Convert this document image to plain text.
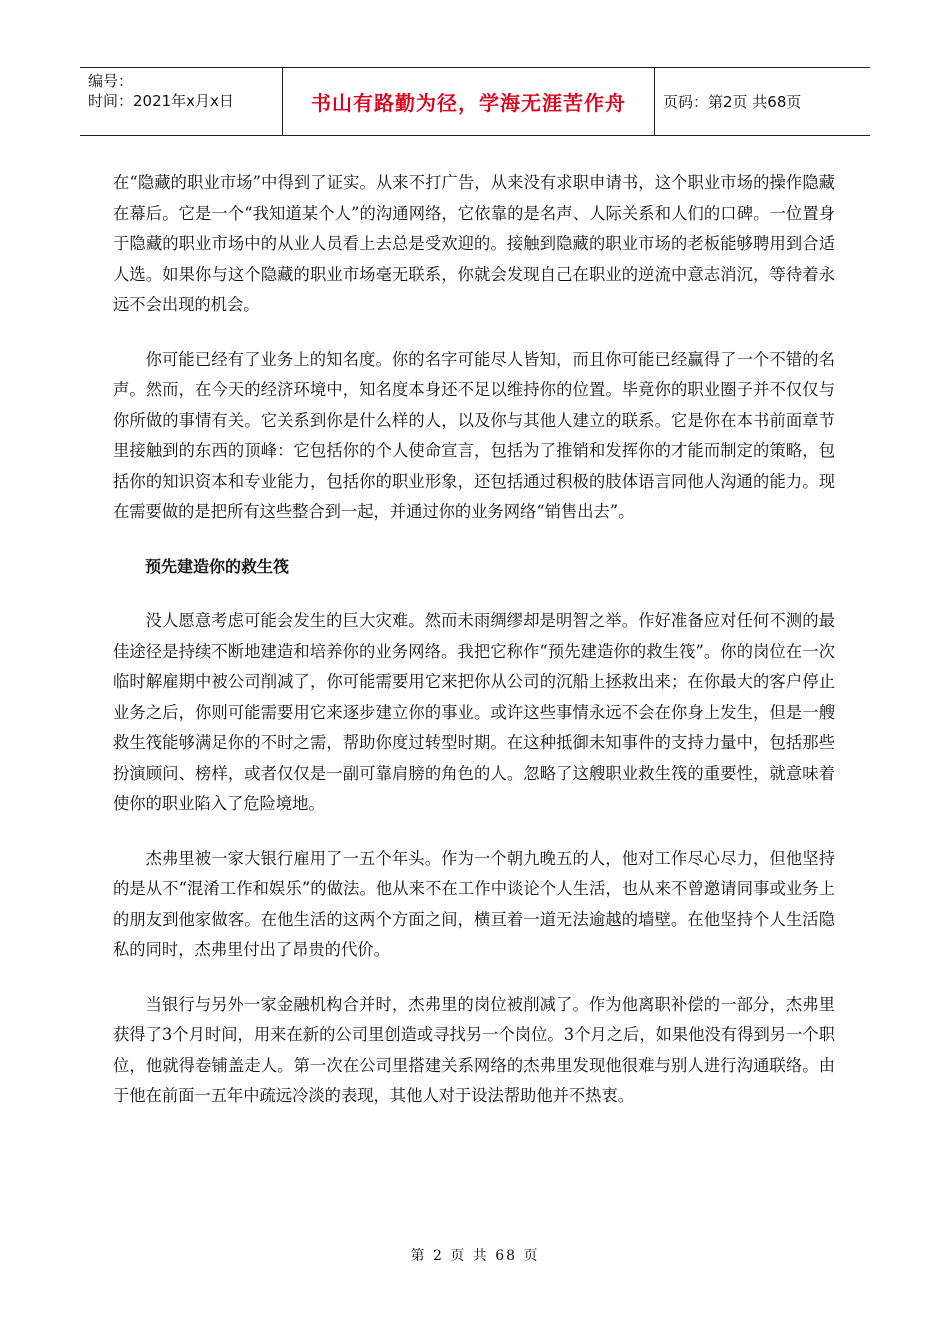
编号：
时间：2021年x月x日	书山有路勤为径，学海无涯苦作舟	页码：第2页 共68页

在“隐藏的职业市场”中得到了证实。从来不打广告，从来没有求职申请书，这个职业市场的操作隐藏在幕后。它是一个“我知道某个人”的沟通网络，它依靠的是名声、人际关系和人们的口碑。一位置身于隐藏的职业市场中的从业人员看上去总是受欢迎的。接触到隐藏的职业市场的老板能够聘用到合适人选。如果你与这个隐藏的职业市场毫无联系，你就会发现自己在职业的逆流中意志消沉，等待着永远不会出现的机会。

你可能已经有了业务上的知名度。你的名字可能尽人皆知，而且你可能已经赢得了一个不错的名声。然而，在今天的经济环境中，知名度本身还不足以维持你的位置。毕竟你的职业圈子并不仅仅与你所做的事情有关。它关系到你是什么样的人，以及你与其他人建立的联系。它是你在本书前面章节里接触到的东西的顶峰：它包括你的个人使命宣言，包括为了推销和发挥你的才能而制定的策略，包括你的知识资本和专业能力，包括你的职业形象，还包括通过积极的肢体语言同他人沟通的能力。现在需要做的是把所有这些整合到一起，并通过你的业务网络“销售出去”。

预先建造你的救生筏

没人愿意考虑可能会发生的巨大灾难。然而未雨绸缪却是明智之举。作好准备应对任何不测的最佳途径是持续不断地建造和培养你的业务网络。我把它称作“预先建造你的救生筏”。你的岗位在一次临时解雇期中被公司削减了，你可能需要用它来把你从公司的沉船上拯救出来；在你最大的客户停止业务之后，你则可能需要用它来逐步建立你的事业。或许这些事情永远不会在你身上发生，但是一艘救生筏能够满足你的不时之需，帮助你度过转型时期。在这种抵御未知事件的支持力量中，包括那些扮演顾问、榜样，或者仅仅是一副可靠肩膀的角色的人。忽略了这艘职业救生筏的重要性，就意味着使你的职业陷入了危险境地。

杰弗里被一家大银行雇用了一五个年头。作为一个朝九晚五的人，他对工作尽心尽力，但他坚持的是从不“混淆工作和娱乐”的做法。他从来不在工作中谈论个人生活，也从来不曾邀请同事或业务上的朋友到他家做客。在他生活的这两个方面之间，横亘着一道无法逾越的墙壁。在他坚持个人生活隐私的同时，杰弗里付出了昂贵的代价。

当银行与另外一家金融机构合并时，杰弗里的岗位被削减了。作为他离职补偿的一部分，杰弗里获得了3个月时间，用来在新的公司里创造或寻找另一个岗位。3个月之后，如果他没有得到另一个职位，他就得卷铺盖走人。第一次在公司里搭建关系网络的杰弗里发现他很难与别人进行沟通联络。由于他在前面一五年中疏远冷淡的表现，其他人对于设法帮助他并不热衷。

第 2 页 共 68 页
